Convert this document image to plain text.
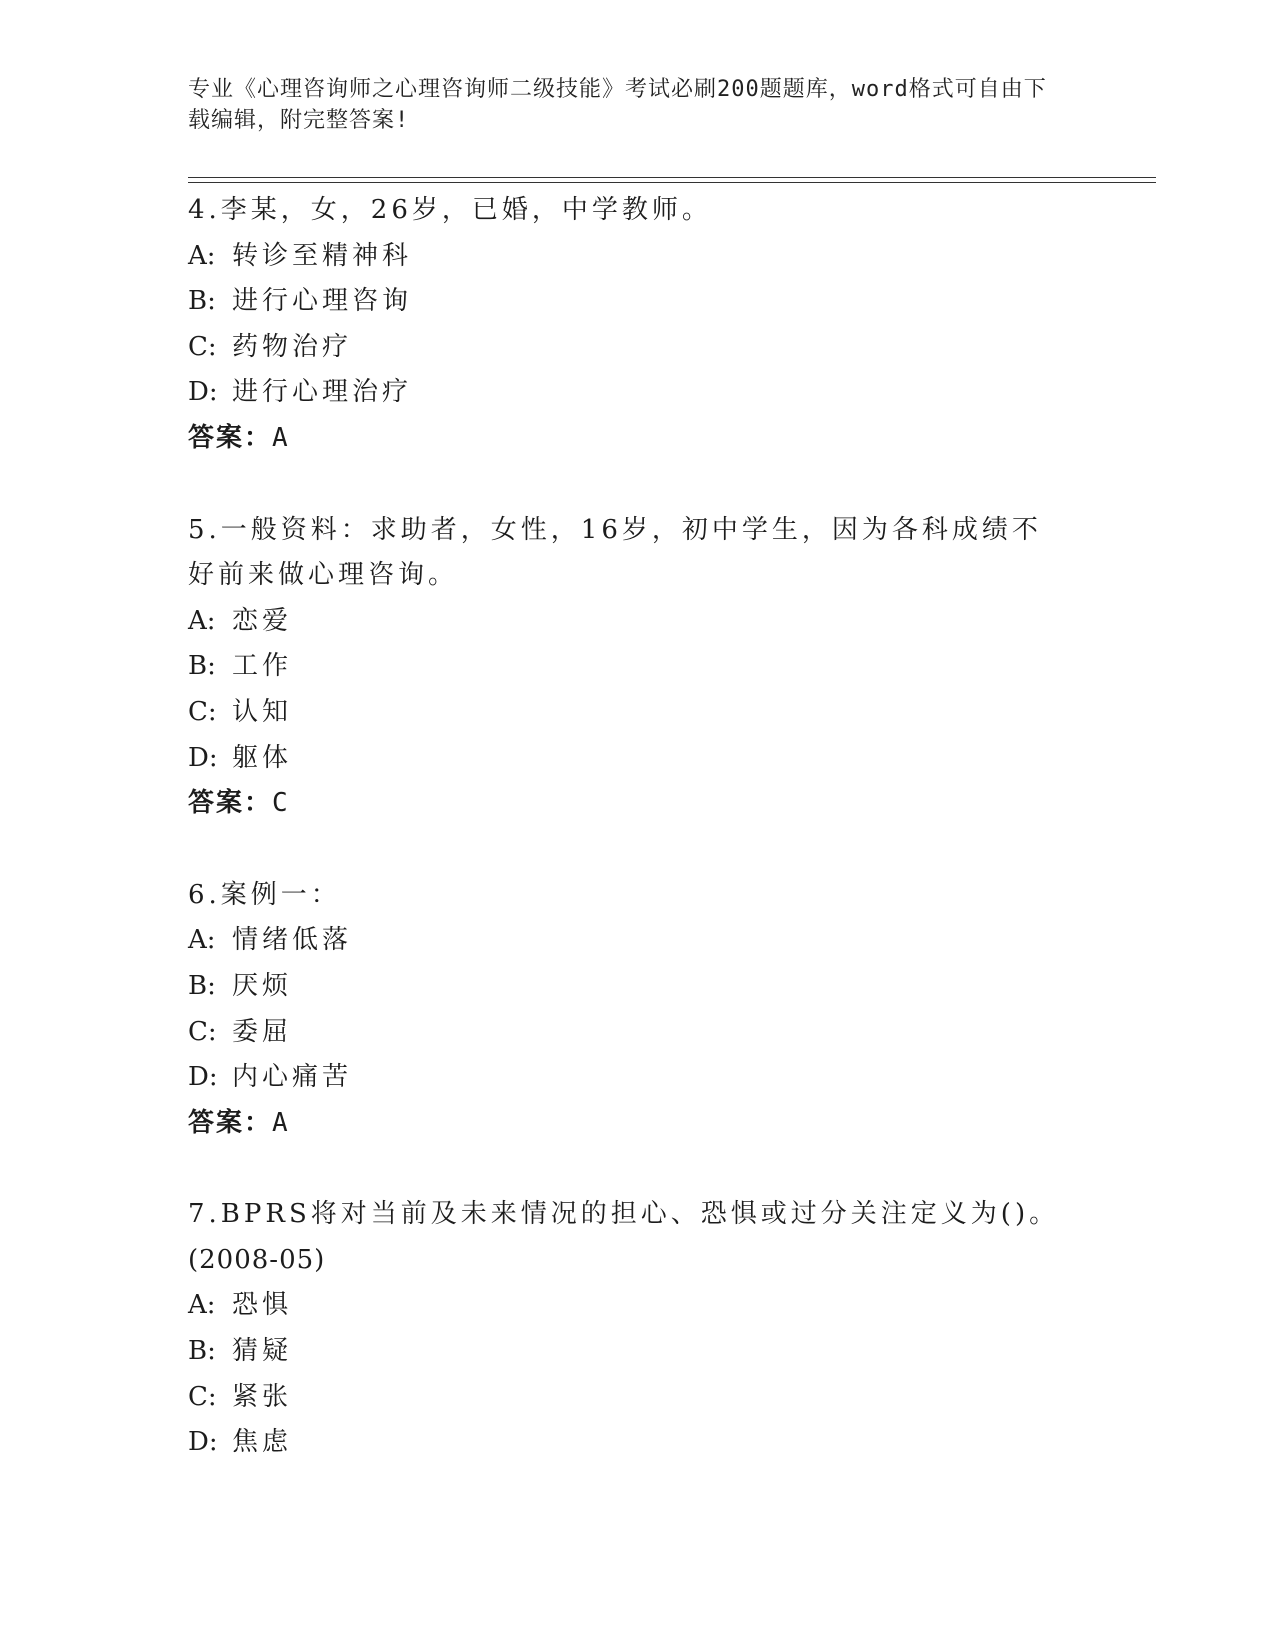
专业《心理咨询师之心理咨询师二级技能》考试必刷200题题库，word格式可自由下载编辑，附完整答案!
4.李某，女，26岁，已婚，中学教师。
A: 转诊至精神科
B: 进行心理咨询
C: 药物治疗
D: 进行心理治疗
答案：A
5.一般资料：求助者，女性，16岁，初中学生，因为各科成绩不好前来做心理咨询。
A: 恋爱
B: 工作
C: 认知
D: 躯体
答案：C
6.案例一：
A: 情绪低落
B: 厌烦
C: 委屈
D: 内心痛苦
答案：A
7.BPRS将对当前及未来情况的担心、恐惧或过分关注定义为()。
(2008-05)
A: 恐惧
B: 猜疑
C: 紧张
D: 焦虑
